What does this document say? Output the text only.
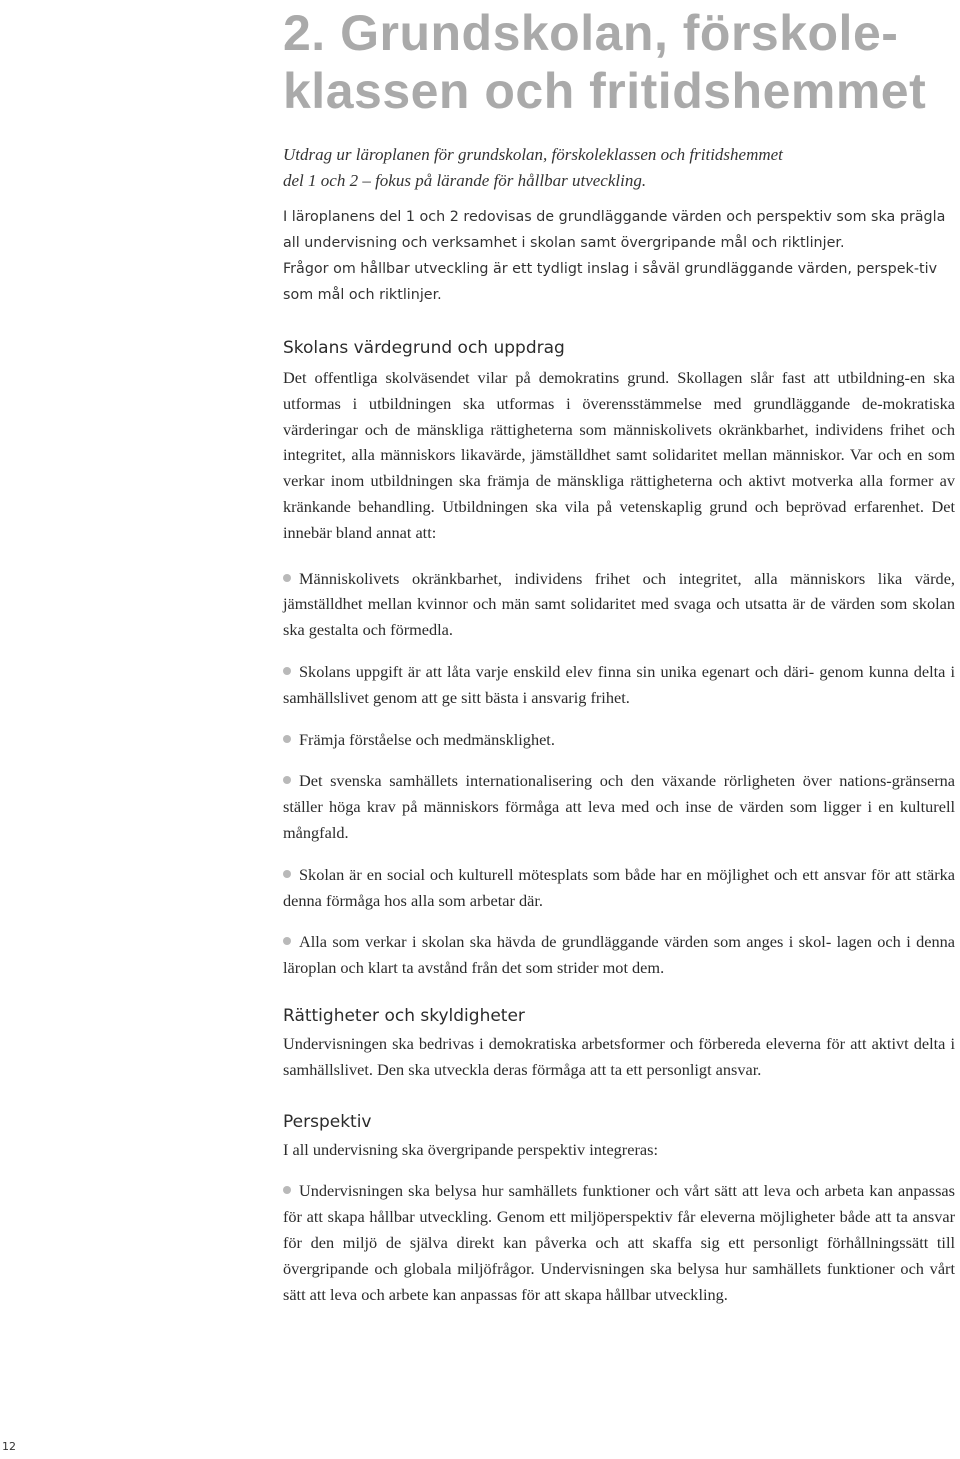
2. Grundskolan, förskole-
klassen och fritidshemmet

Utdrag ur läroplanen för grundskolan, förskoleklassen och fritidshemmet
del 1 och 2 – fokus på lärande för hållbar utveckling.

I läroplanens del 1 och 2 redovisas de grundläggande värden och perspektiv som ska prägla all undervisning och verksamhet i skolan samt övergripande mål och riktlinjer.

Frågor om hållbar utveckling är ett tydligt inslag i såväl grundläggande värden, perspek-tiv som mål och riktlinjer.

Skolans värdegrund och uppdrag

Det offentliga skolväsendet vilar på demokratins grund. Skollagen slår fast att utbildning-en ska utformas i utbildningen ska utformas i överensstämmelse med grundläggande de-mokratiska värderingar och de mänskliga rättigheterna som människolivets okränkbarhet, individens frihet och integritet, alla människors likavärde, jämställdhet samt solidaritet mellan människor. Var och en som verkar inom utbildningen ska främja de mänskliga rättigheterna och aktivt motverka alla former av kränkande behandling. Utbildningen ska vila på vetenskaplig grund och beprövad erfarenhet. Det innebär bland annat att:

Människolivets okränkbarhet, individens frihet och integritet, alla människors lika värde, jämställdhet mellan kvinnor och män samt solidaritet med svaga och utsatta är de värden som skolan ska gestalta och förmedla.
Skolans uppgift är att låta varje enskild elev finna sin unika egenart och däri- genom kunna delta i samhällslivet genom att ge sitt bästa i ansvarig frihet.
Främja förståelse och medmänsklighet.
Det svenska samhällets internationalisering och den växande rörligheten över nations-gränserna ställer höga krav på människors förmåga att leva med och inse de värden som ligger i en kulturell mångfald.
Skolan är en social och kulturell mötesplats som både har en möjlighet och ett ansvar för att stärka denna förmåga hos alla som arbetar där.
Alla som verkar i skolan ska hävda de grundläggande värden som anges i skol- lagen och i denna läroplan och klart ta avstånd från det som strider mot dem.
Rättigheter och skyldigheter

Undervisningen ska bedrivas i demokratiska arbetsformer och förbereda eleverna för att aktivt delta i samhällslivet. Den ska utveckla deras förmåga att ta ett personligt ansvar.

Perspektiv

I all undervisning ska övergripande perspektiv integreras:

Undervisningen ska belysa hur samhällets funktioner och vårt sätt att leva och arbeta kan anpassas för att skapa hållbar utveckling. Genom ett miljöperspektiv får eleverna möjligheter både att ta ansvar för den miljö de själva direkt kan påverka och att skaffa sig ett personligt förhållningssätt till övergripande och globala miljöfrågor. Undervisningen ska belysa hur samhällets funktioner och vårt sätt att leva och arbete kan anpassas för att skapa hållbar utveckling.
12
